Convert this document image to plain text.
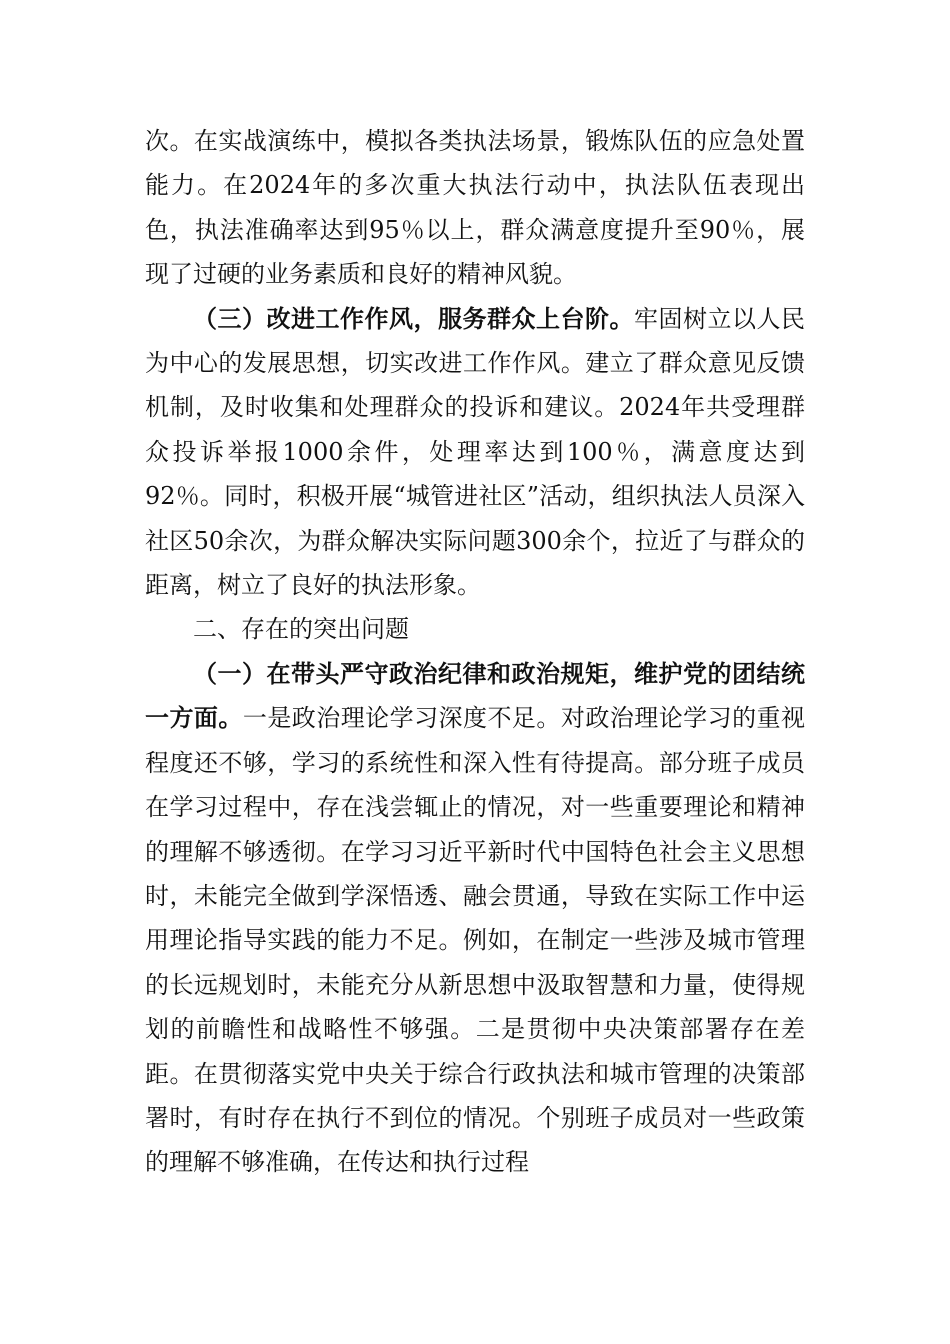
次。在实战演练中，模拟各类执法场景，锻炼队伍的应急处置能力。在2024年的多次重大执法行动中，执法队伍表现出色，执法准确率达到95％以上，群众满意度提升至90％，展现了过硬的业务素质和良好的精神风貌。

（三）改进工作作风，服务群众上台阶。牢固树立以人民为中心的发展思想，切实改进工作作风。建立了群众意见反馈机制，及时收集和处理群众的投诉和建议。2024年共受理群众投诉举报1000余件，处理率达到100％，满意度达到92％。同时，积极开展“城管进社区”活动，组织执法人员深入社区50余次，为群众解决实际问题300余个，拉近了与群众的距离，树立了良好的执法形象。

二、存在的突出问题

（一）在带头严守政治纪律和政治规矩，维护党的团结统一方面。一是政治理论学习深度不足。对政治理论学习的重视程度还不够，学习的系统性和深入性有待提高。部分班子成员在学习过程中，存在浅尝辄止的情况，对一些重要理论和精神的理解不够透彻。在学习习近平新时代中国特色社会主义思想时，未能完全做到学深悟透、融会贯通，导致在实际工作中运用理论指导实践的能力不足。例如，在制定一些涉及城市管理的长远规划时，未能充分从新思想中汲取智慧和力量，使得规划的前瞻性和战略性不够强。二是贯彻中央决策部署存在差距。在贯彻落实党中央关于综合行政执法和城市管理的决策部署时，有时存在执行不到位的情况。个别班子成员对一些政策的理解不够准确，在传达和执行过程
